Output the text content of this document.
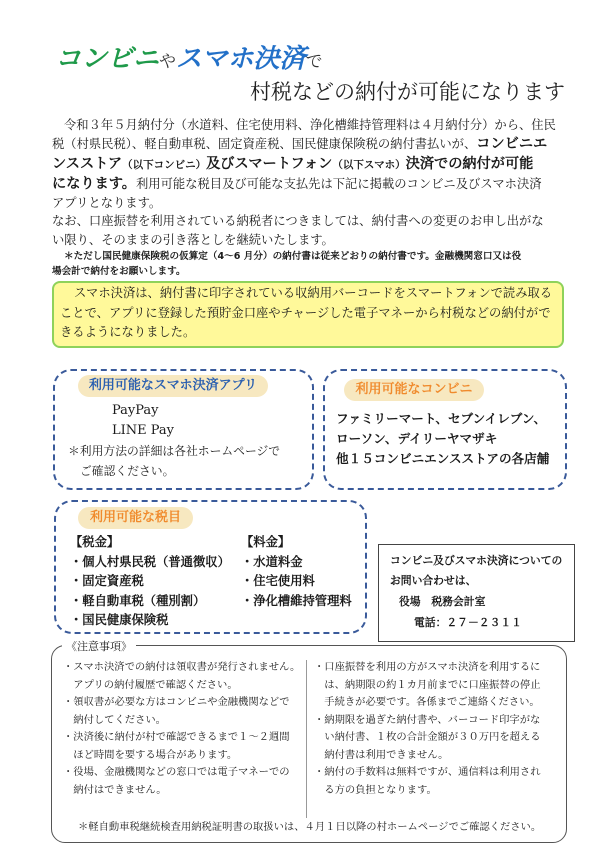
コンビニやスマホ決済で
村税などの納付が可能になります
令和３年５月納付分（水道料、住宅使用料、浄化槽維持管理料は４月納付分）から、住民
税（村県民税）、軽自動車税、固定資産税、国民健康保険税の納付書払いが、コンビニエ
ンスストア（以下コンビニ）及びスマートフォン（以下スマホ）決済での納付が可能
になります。利用可能な税目及び可能な支払先は下記に掲載のコンビニ及びスマホ決済
アプリとなります。
なお、口座振替を利用されている納税者につきましては、納付書への変更のお申し出がな
い限り、そのままの引き落としを継続いたします。
＊ただし国民健康保険税の仮算定（4～6 月分）の納付書は従来どおりの納付書です。金融機関窓口又は役
場会計で納付をお願いします。
スマホ決済は、納付書に印字されている収納用バーコードをスマートフォンで読み取る
ことで、アプリに登録した預貯金口座やチャージした電子マネーから村税などの納付がで
きるようになりました。
利用可能なスマホ決済アプリ
PayPay
LINE Pay
＊利用方法の詳細は各社ホームページで
ご確認ください。
利用可能なコンビニ
ファミリーマート、セブンイレブン、
ローソン、デイリーヤマザキ
他１５コンビニエンスストアの各店舗
利用可能な税目
【税金】
・個人村県民税（普通徴収）
・固定資産税
・軽自動車税（種別割）
・国民健康保険税
【料金】
・水道料金
・住宅使用料
・浄化槽維持管理料
コンビニ及びスマホ決済についての
お問い合わせは、
役場　税務会計室
電話：２７－２３１１
《注意事項》
・スマホ決済での納付は領収書が発行されません。
　アプリの納付履歴で確認ください。
・領収書が必要な方はコンビニや金融機関などで
　納付してください。
・決済後に納付が村で確認できるまで１～２週間
　ほど時間を要する場合があります。
・役場、金融機関などの窓口では電子マネーでの
　納付はできません。
・口座振替を利用の方がスマホ決済を利用するに
　は、納期限の約１カ月前までに口座振替の停止
　手続きが必要です。各係までご連絡ください。
・納期限を過ぎた納付書や、バーコード印字がな
　い納付書、１枚の合計金額が３０万円を超える
　納付書は利用できません。
・納付の手数料は無料ですが、通信料は利用され
　る方の負担となります。
＊軽自動車税継続検査用納税証明書の取扱いは、４月１日以降の村ホームページでご確認ください。
